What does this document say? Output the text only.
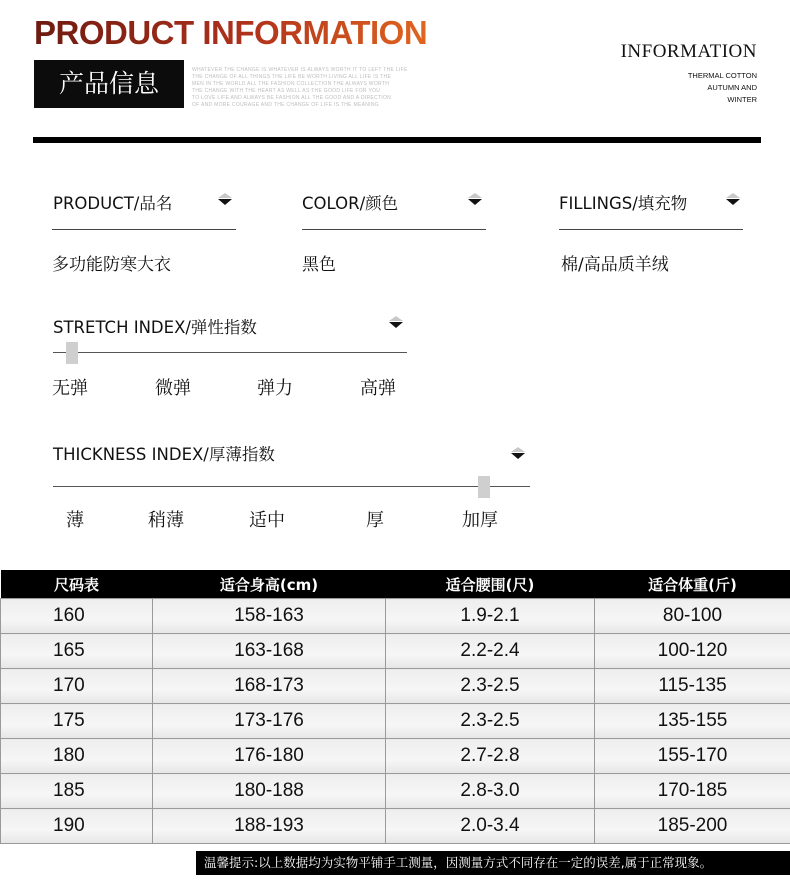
PRODUCT INFORMATION
产品信息	WHATEVER THE CHANGE IS WHATEVER IS ALWAYS WORTH IT TO LEFT THE LIFE
THE CHANGE OF ALL THINGS THE LIFE BE WORTH LIVING ALL LIFE IS THE
MEN IN THE WORLD ALL THE FASHION COLLECTION THE ALWAYS WORTH
THE CHANGE WITH THE HEART AS WELL AS THE GOOD LIFE FOR YOU
TO LOVE LIFE AND ALWAYS BE FASHION ALL THE GOOD AND A DIRECTION
OF AND MORE COURAGE AND THE CHANGE OF LIFE IS THE MEANING
INFORMATION
THERMAL COTTON
AUTUMN AND
WINTER
PRODUCT/品名
多功能防寒大衣
COLOR/颜色
黑色
FILLINGS/填充物
棉/高品质羊绒
STRETCH INDEX/弹性指数
无弹	微弹	弹力	高弹
THICKNESS INDEX/厚薄指数
薄	稍薄	适中	厚	加厚
尺码表	适合身高(cm)	适合腰围(尺)	适合体重(斤)
160	158-163	1.9-2.1	80-100
165	163-168	2.2-2.4	100-120
170	168-173	2.3-2.5	115-135
175	173-176	2.3-2.5	135-155
180	176-180	2.7-2.8	155-170
185	180-188	2.8-3.0	170-185
190	188-193	2.0-3.4	185-200
温馨提示:以上数据均为实物平铺手工测量，因测量方式不同存在一定的误差,属于正常现象。
